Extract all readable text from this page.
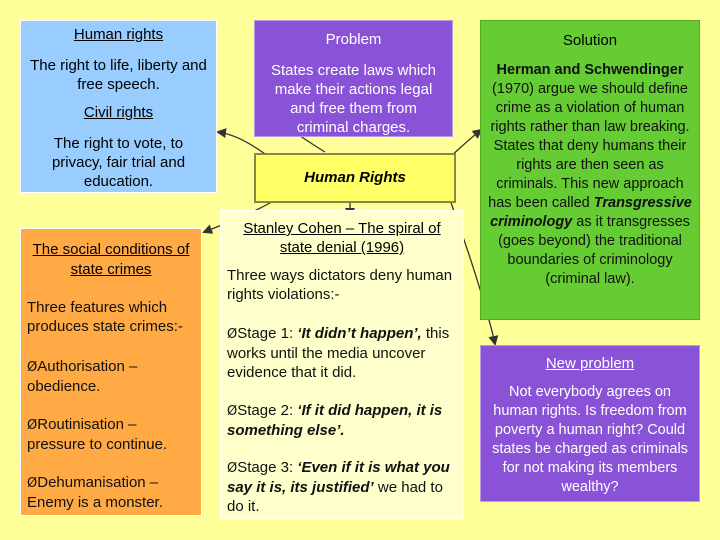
Human rights

The right to life, liberty and free speech.

Civil rights

The right to vote, to privacy, fair trial and education.

Problem

States create laws which make their actions legal and free them from criminal charges.

Solution

Herman and Schwendinger (1970) argue we should define crime as a violation of human rights rather than law breaking. States that deny humans their rights are then seen as criminals. This new approach has been called Transgressive criminology as it transgresses (goes beyond) the traditional boundaries of criminology (criminal law).

Human Rights

The social conditions of state crimes

Three features which produces state crimes:-

ØAuthorisation – obedience.

ØRoutinisation – pressure to continue.

ØDehumanisation – Enemy is a monster.

Stanley Cohen – The spiral of state denial (1996)

Three ways dictators deny human rights violations:-

ØStage 1: ‘It didn’t happen’, this works until the media uncover evidence that it did.

ØStage 2: ‘If it did happen, it is something else’.

ØStage 3: ‘Even if it is what you say it is, its justified’ we had to do it.

New problem

Not everybody agrees on human rights. Is freedom from poverty a human right? Could states be charged as criminals for not making its members wealthy?
